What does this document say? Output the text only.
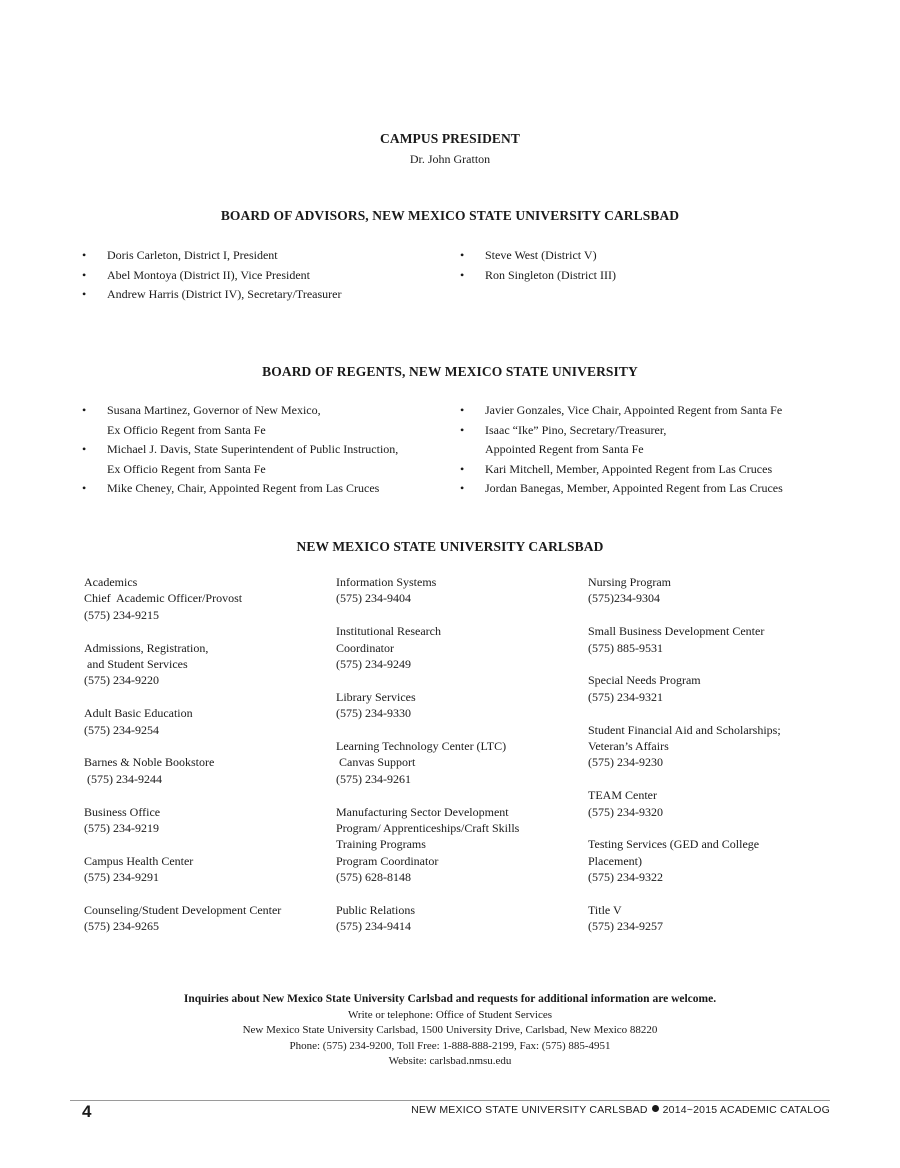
CAMPUS PRESIDENT
Dr. John Gratton
BOARD OF ADVISORS, NEW MEXICO STATE UNIVERSITY CARLSBAD
• Doris Carleton, District I, President
• Abel Montoya (District II), Vice President
• Andrew Harris (District IV), Secretary/Treasurer
• Steve West (District V)
• Ron Singleton (District III)
BOARD OF REGENTS, NEW MEXICO STATE UNIVERSITY
• Susana Martinez, Governor of New Mexico,
Ex Officio Regent from Santa Fe
• Michael J. Davis, State Superintendent of Public Instruction,
Ex Officio Regent from Santa Fe
• Mike Cheney, Chair, Appointed Regent from Las Cruces
• Javier Gonzales, Vice Chair, Appointed Regent from Santa Fe
• Isaac “Ike” Pino, Secretary/Treasurer,
Appointed Regent from Santa Fe
• Kari Mitchell, Member, Appointed Regent from Las Cruces
• Jordan Banegas, Member, Appointed Regent from Las Cruces
NEW MEXICO STATE UNIVERSITY CARLSBAD
Academics
Chief  Academic Officer/Provost
(575) 234-9215
Admissions, Registration,
and Student Services
(575) 234-9220
Adult Basic Education
(575) 234-9254
Barnes & Noble Bookstore
(575) 234-9244
Business Office
(575) 234-9219
Campus Health Center
(575) 234-9291
Counseling/Student Development Center
(575) 234-9265
Information Systems
(575) 234-9404
Institutional Research
Coordinator
(575) 234-9249
Library Services
(575) 234-9330
Learning Technology Center (LTC)
Canvas Support
(575) 234-9261
Manufacturing Sector Development
Program/ Apprenticeships/Craft Skills
Training Programs
Program Coordinator
(575) 628-8148
Public Relations
(575) 234-9414
Nursing Program
(575)234-9304
Small Business Development Center
(575) 885-9531
Special Needs Program
(575) 234-9321
Student Financial Aid and Scholarships;
Veteran’s Affairs
(575) 234-9230
TEAM Center
(575) 234-9320
Testing Services (GED and College
Placement)
(575) 234-9322
Title V
(575) 234-9257
Inquiries about New Mexico State University Carlsbad and requests for additional information are welcome.
Write or telephone: Office of Student Services
New Mexico State University Carlsbad, 1500 University Drive, Carlsbad, New Mexico 88220
Phone: (575) 234-9200, Toll Free: 1-888-888-2199, Fax: (575) 885-4951
Website: carlsbad.nmsu.edu
4	NEW MEXICO STATE UNIVERSITY CARLSBAD 2014~2015 ACADEMIC CATALOG
